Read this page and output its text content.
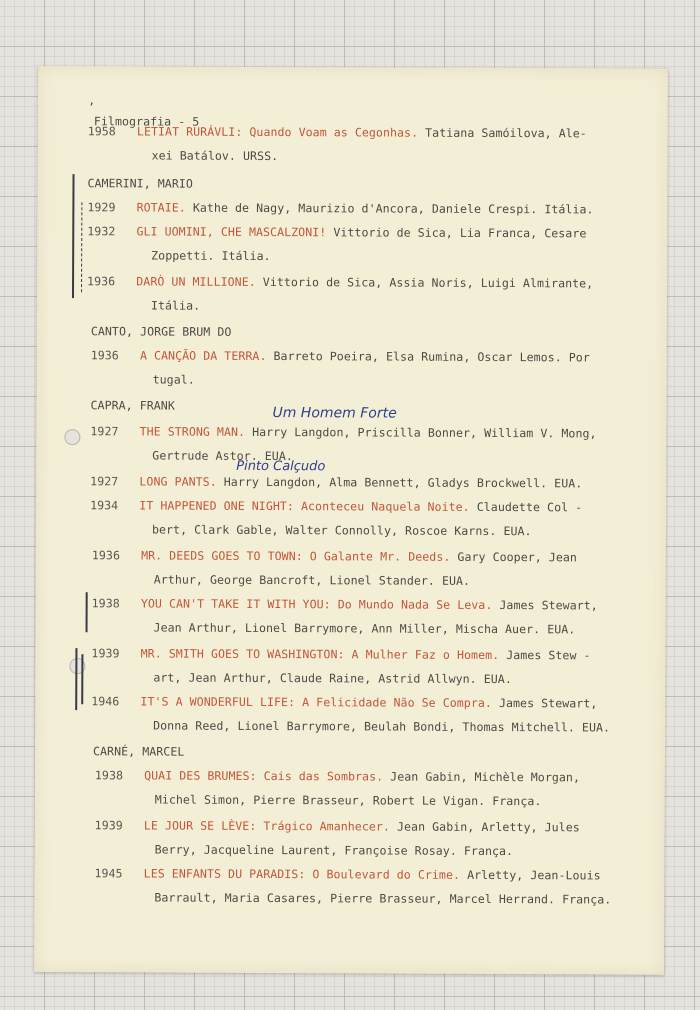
’
Filmografia - 5

1958 LETIAT RURÁVLI: Quando Voam as Cegonhas. Tatiana Samóilova, Ale-
xei Batálov. URSS.
CAMERINI, MARIO
1929 ROTAIE. Kathe de Nagy, Maurizio d'Ancora, Daniele Crespi. Itália.
1932 GLI UOMINI, CHE MASCALZONI! Vittorio de Sica, Lia Franca, Cesare
Zoppetti. Itália.
1936 DARÒ UN MILLIONE. Vittorio de Sica, Assia Noris, Luigi Almirante,
Itália.
CANTO, JORGE BRUM DO
1936 A CANÇÃO DA TERRA. Barreto Poeira, Elsa Rumina, Oscar Lemos. Por
tugal.
CAPRA, FRANK	Um Homem Forte
1927 THE STRONG MAN. Harry Langdon, Priscilla Bonner, William V. Mong,
Gertrude Astor. EUA.
Pinto Calçudo
1927 LONG PANTS. Harry Langdon, Alma Bennett, Gladys Brockwell. EUA.
1934 IT HAPPENED ONE NIGHT: Aconteceu Naquela Noite. Claudette Col -
bert, Clark Gable, Walter Connolly, Roscoe Karns. EUA.
1936 MR. DEEDS GOES TO TOWN: O Galante Mr. Deeds. Gary Cooper, Jean
Arthur, George Bancroft, Lionel Stander. EUA.
1938 YOU CAN'T TAKE IT WITH YOU: Do Mundo Nada Se Leva. James Stewart,
Jean Arthur, Lionel Barrymore, Ann Miller, Mischa Auer. EUA.
1939 MR. SMITH GOES TO WASHINGTON: A Mulher Faz o Homem. James Stew -
art, Jean Arthur, Claude Raine, Astrid Allwyn. EUA.
1946 IT'S A WONDERFUL LIFE: A Felicidade Não Se Compra. James Stewart,
Donna Reed, Lionel Barrymore, Beulah Bondi, Thomas Mitchell. EUA.
CARNÉ, MARCEL
1938 QUAI DES BRUMES: Cais das Sombras. Jean Gabin, Michèle Morgan,
Michel Simon, Pierre Brasseur, Robert Le Vigan. França.
1939 LE JOUR SE LÈVE: Trágico Amanhecer. Jean Gabin, Arletty, Jules
Berry, Jacqueline Laurent, Françoise Rosay. França.
1945 LES ENFANTS DU PARADIS: O Boulevard do Crime. Arletty, Jean-Louis
Barrault, Maria Casares, Pierre Brasseur, Marcel Herrand. França.
